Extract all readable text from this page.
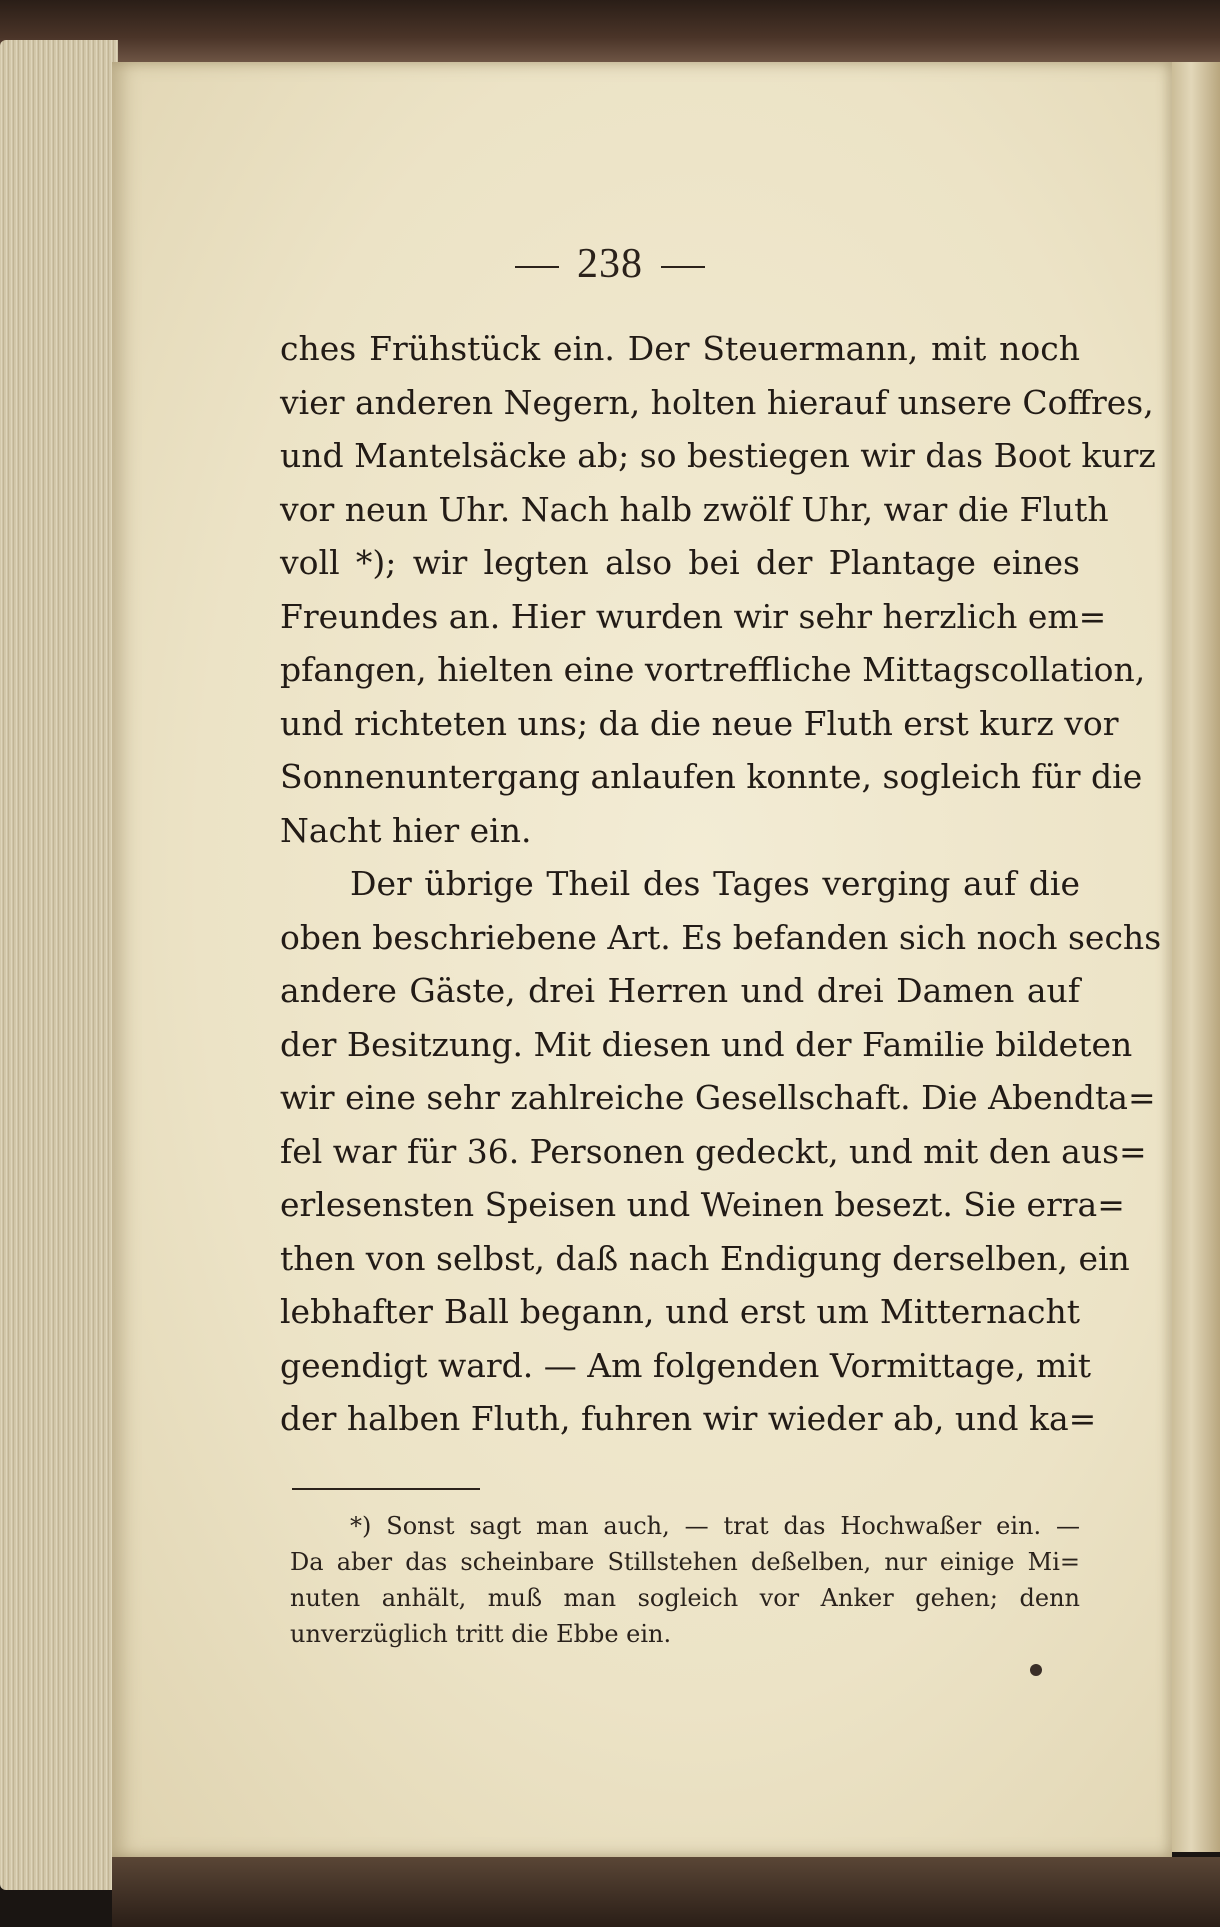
238
ches Frühstück ein. Der Steuermann, mit noch
vier anderen Negern, holten hierauf unsere Coffres,
und Mantelsäcke ab; so bestiegen wir das Boot kurz
vor neun Uhr. Nach halb zwölf Uhr, war die Fluth
voll *); wir legten also bei der Plantage eines
Freundes an. Hier wurden wir sehr herzlich em=
pfangen, hielten eine vortreffliche Mittagscollation,
und richteten uns; da die neue Fluth erst kurz vor
Sonnenuntergang anlaufen konnte, sogleich für die
Nacht hier ein.
Der übrige Theil des Tages verging auf die
oben beschriebene Art. Es befanden sich noch sechs
andere Gäste, drei Herren und drei Damen auf
der Besitzung. Mit diesen und der Familie bildeten
wir eine sehr zahlreiche Gesellschaft. Die Abendta=
fel war für 36. Personen gedeckt, und mit den aus=
erlesensten Speisen und Weinen besezt. Sie erra=
then von selbst, daß nach Endigung derselben, ein
lebhafter Ball begann, und erst um Mitternacht
geendigt ward. — Am folgenden Vormittage, mit
der halben Fluth, fuhren wir wieder ab, und ka=
*) Sonst sagt man auch, — trat das Hochwaßer ein. —
Da aber das scheinbare Stillstehen deßelben, nur einige Mi=
nuten anhält, muß man sogleich vor Anker gehen; denn
unverzüglich tritt die Ebbe ein.
